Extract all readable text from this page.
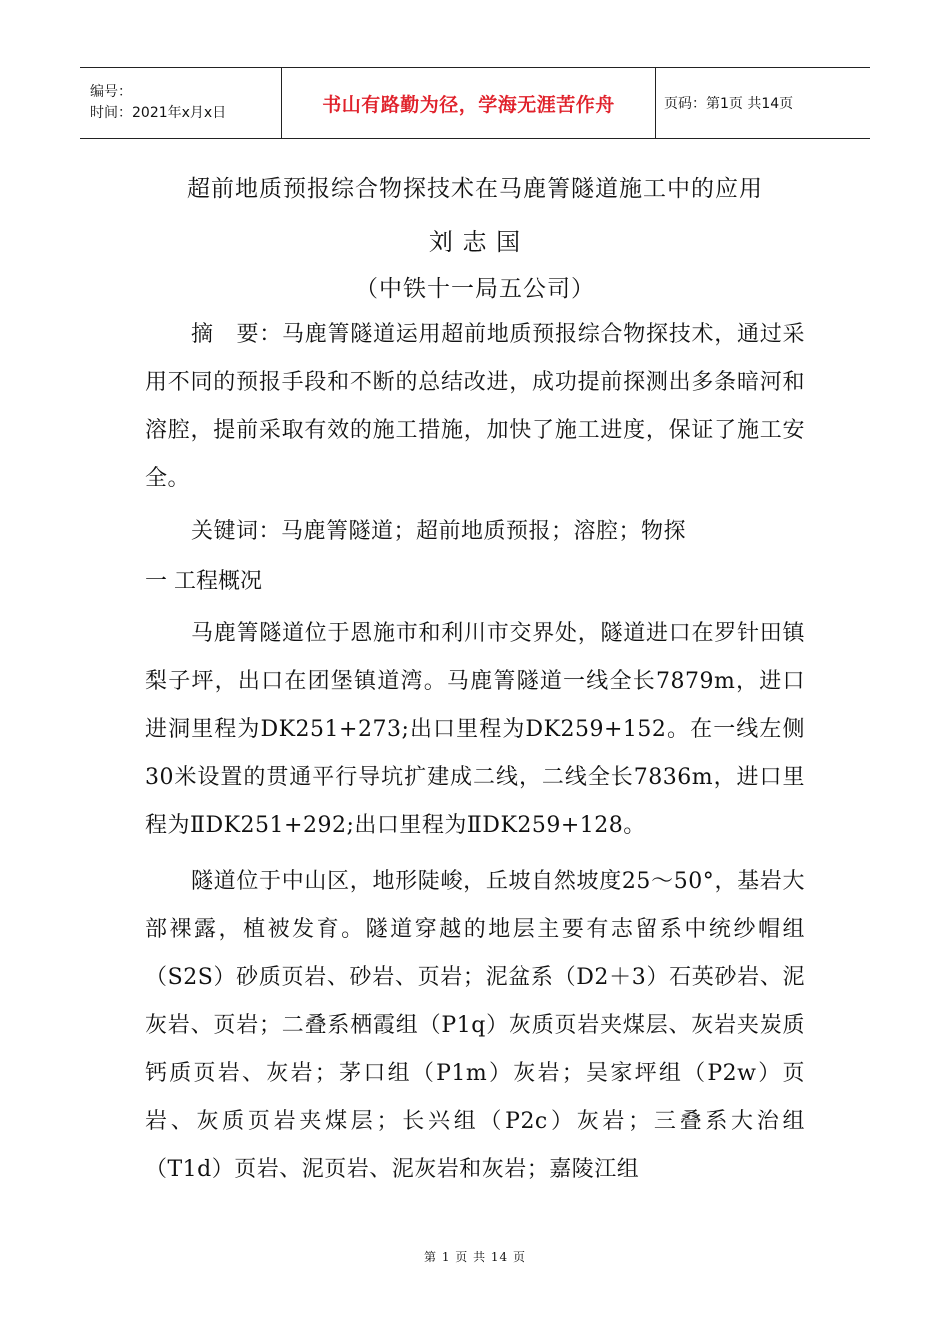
编号：
时间：2021年x月x日	书山有路勤为径，学海无涯苦作舟	页码：第1页 共14页
超前地质预报综合物探技术在马鹿箐隧道施工中的应用
刘 志 国
（中铁十一局五公司）
摘　要：马鹿箐隧道运用超前地质预报综合物探技术，通过采用不同的预报手段和不断的总结改进，成功提前探测出多条暗河和溶腔，提前采取有效的施工措施，加快了施工进度，保证了施工安全。
关键词：马鹿箐隧道；超前地质预报；溶腔；物探
一 工程概况
马鹿箐隧道位于恩施市和利川市交界处，隧道进口在罗针田镇梨子坪，出口在团堡镇道湾。马鹿箐隧道一线全长7879m，进口进洞里程为DK251+273;出口里程为DK259+152。在一线左侧30米设置的贯通平行导坑扩建成二线，二线全长7836m，进口里程为ⅡDK251+292;出口里程为ⅡDK259+128。
隧道位于中山区，地形陡峻，丘坡自然坡度25～50°，基岩大部裸露，植被发育。隧道穿越的地层主要有志留系中统纱帽组（S2S）砂质页岩、砂岩、页岩；泥盆系（D2＋3）石英砂岩、泥灰岩、页岩；二叠系栖霞组（P1q）灰质页岩夹煤层、灰岩夹炭质钙质页岩、灰岩；茅口组（P1m）灰岩；吴家坪组（P2w）页岩、灰质页岩夹煤层；长兴组（P2c）灰岩；三叠系大治组（T1d）页岩、泥页岩、泥灰岩和灰岩；嘉陵江组
第 1 页 共 14 页
